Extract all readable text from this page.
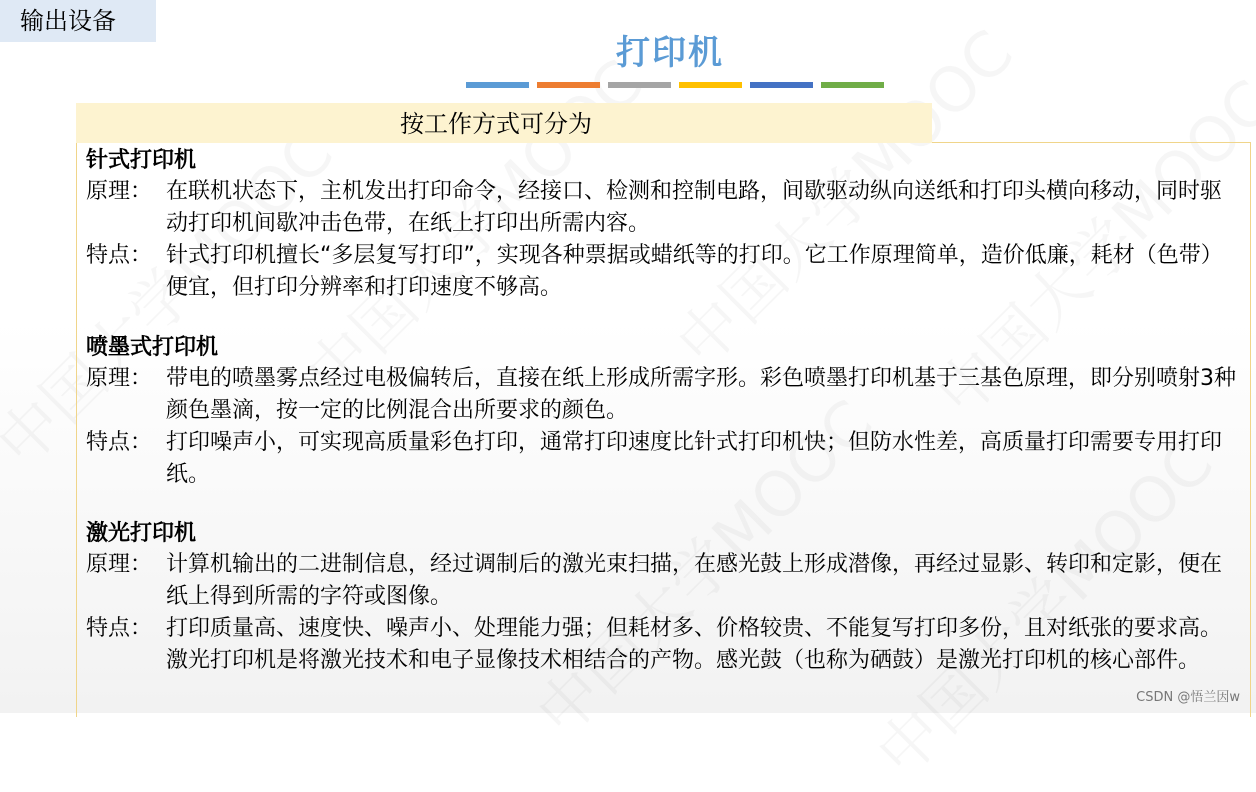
输出设备
打印机
按工作方式可分为
针式打印机
原理： 在联机状态下，主机发出打印命令，经接口、检测和控制电路，间歇驱动纵向送纸和打印头横向移动，同时驱动打印机间歇冲击色带，在纸上打印出所需内容。
特点： 针式打印机擅长“多层复写打印”，实现各种票据或蜡纸等的打印。它工作原理简单，造价低廉，耗材（色带）便宜，但打印分辨率和打印速度不够高。
喷墨式打印机
原理： 带电的喷墨雾点经过电极偏转后，直接在纸上形成所需字形。彩色喷墨打印机基于三基色原理，即分别喷射3种颜色墨滴，按一定的比例混合出所要求的颜色。
特点： 打印噪声小，可实现高质量彩色打印，通常打印速度比针式打印机快；但防水性差，高质量打印需要专用打印纸。
激光打印机
原理： 计算机输出的二进制信息，经过调制后的激光束扫描，在感光鼓上形成潜像，再经过显影、转印和定影，便在纸上得到所需的字符或图像。
特点： 打印质量高、速度快、噪声小、处理能力强；但耗材多、价格较贵、不能复写打印多份，且对纸张的要求高。激光打印机是将激光技术和电子显像技术相结合的产物。感光鼓（也称为硒鼓）是激光打印机的核心部件。
CSDN @悟兰因w
